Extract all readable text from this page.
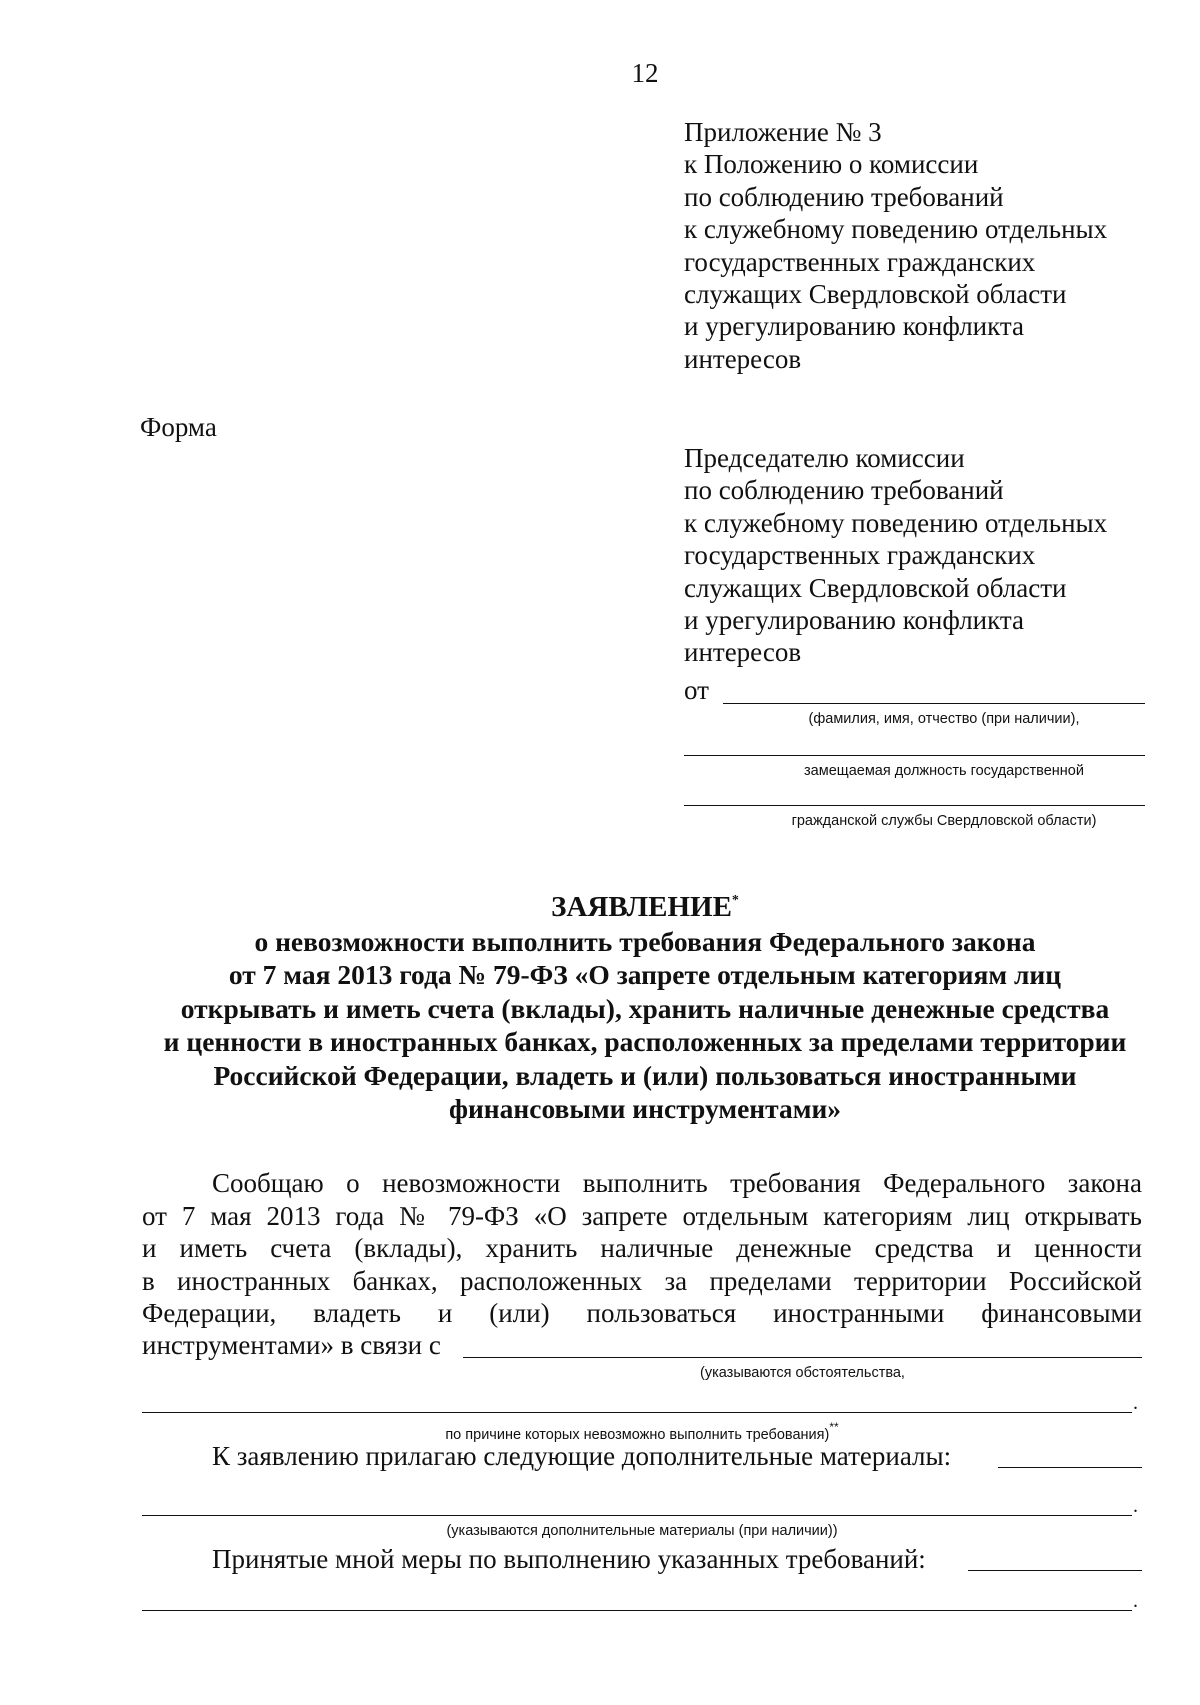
12
Приложение № 3
к Положению о комиссии
по соблюдению требований
к служебному поведению отдельных
государственных гражданских
служащих Свердловской области
и урегулированию конфликта
интересов
Форма
Председателю комиссии
по соблюдению требований
к служебному поведению отдельных
государственных гражданских
служащих Свердловской области
и урегулированию конфликта
интересов
от
(фамилия, имя, отчество (при наличии),
замещаемая должность государственной
гражданской службы Свердловской области)
ЗАЯВЛЕНИЕ*
о невозможности выполнить требования Федерального закона
от 7 мая 2013 года № 79-ФЗ «О запрете отдельным категориям лиц
открывать и иметь счета (вклады), хранить наличные денежные средства
и ценности в иностранных банках, расположенных за пределами территории
Российской Федерации, владеть и (или) пользоваться иностранными
финансовыми инструментами»
Сообщаю о невозможности выполнить требования Федерального закона
от 7 мая 2013 года № 79-ФЗ «О запрете отдельным категориям лиц открывать
и иметь счета (вклады), хранить наличные денежные средства и ценности
в иностранных банках, расположенных за пределами территории Российской
Федерации, владеть и (или) пользоваться иностранными финансовыми
инструментами» в связи с
(указываются обстоятельства,
.
по причине которых невозможно выполнить требования)**
К заявлению прилагаю следующие дополнительные материалы:
.
(указываются дополнительные материалы (при наличии))
Принятые мной меры по выполнению указанных требований:
.
